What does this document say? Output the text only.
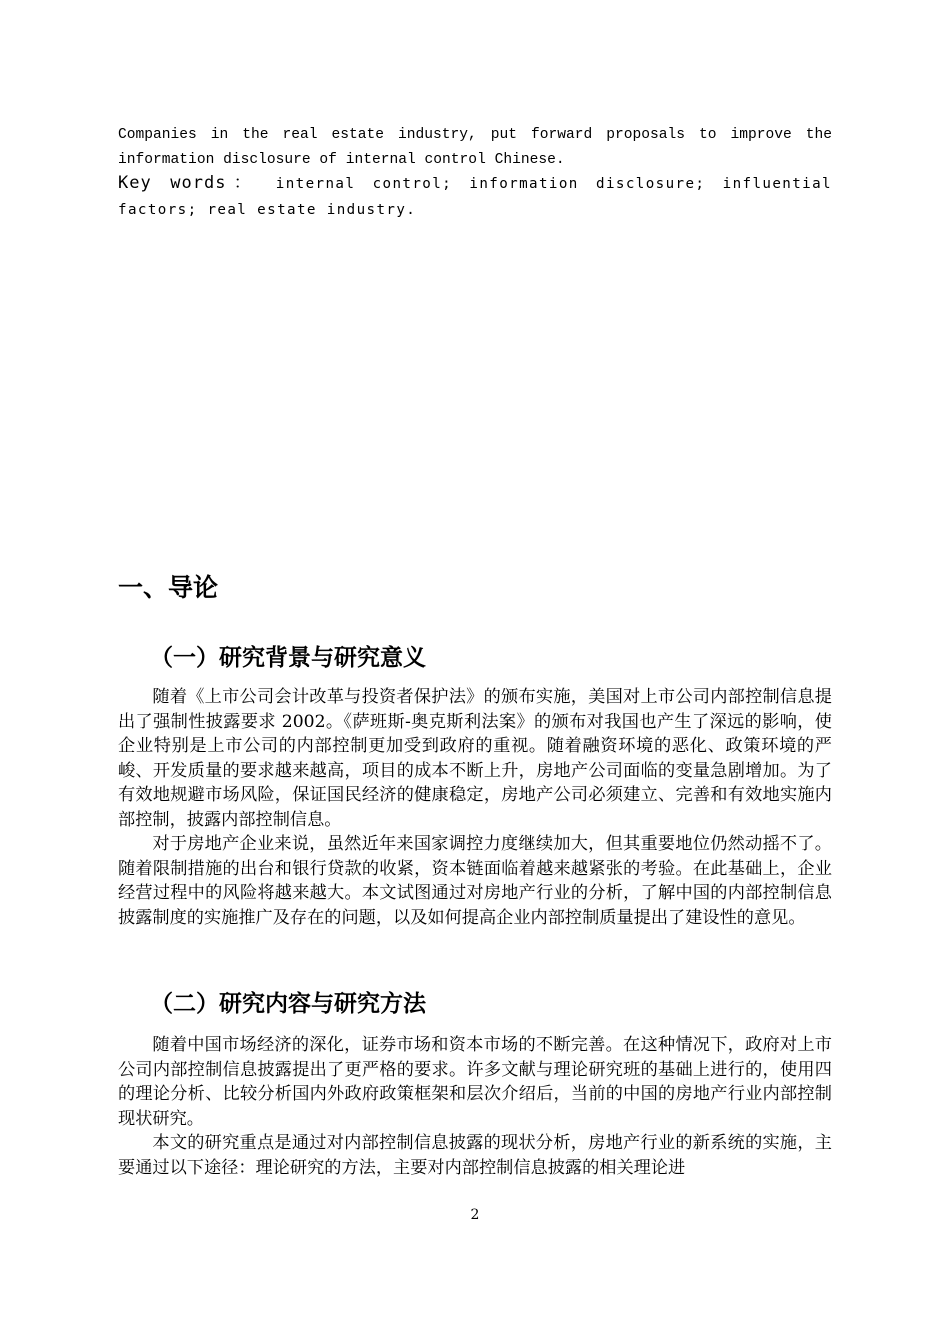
Companies in the real estate industry, put forward proposals to improve the information disclosure of internal control Chinese.
Key words： internal control; information disclosure; influential factors; real estate industry.
一、导论
（一）研究背景与研究意义

随着《上市公司会计改革与投资者保护法》的颁布实施，美国对上市公司内部控制信息提出了强制性披露要求 2002。《萨班斯-奥克斯利法案》的颁布对我国也产生了深远的影响，使企业特别是上市公司的内部控制更加受到政府的重视。随着融资环境的恶化、政策环境的严峻、开发质量的要求越来越高，项目的成本不断上升，房地产公司面临的变量急剧增加。为了有效地规避市场风险，保证国民经济的健康稳定，房地产公司必须建立、完善和有效地实施内部控制，披露内部控制信息。

对于房地产企业来说，虽然近年来国家调控力度继续加大，但其重要地位仍然动摇不了。随着限制措施的出台和银行贷款的收紧，资本链面临着越来越紧张的考验。在此基础上，企业经营过程中的风险将越来越大。本文试图通过对房地产行业的分析，了解中国的内部控制信息披露制度的实施推广及存在的问题，以及如何提高企业内部控制质量提出了建设性的意见。

（二）研究内容与研究方法

随着中国市场经济的深化，证券市场和资本市场的不断完善。在这种情况下，政府对上市公司内部控制信息披露提出了更严格的要求。许多文献与理论研究班的基础上进行的，使用四的理论分析、比较分析国内外政府政策框架和层次介绍后，当前的中国的房地产行业内部控制现状研究。

本文的研究重点是通过对内部控制信息披露的现状分析，房地产行业的新系统的实施，主要通过以下途径：理论研究的方法，主要对内部控制信息披露的相关理论进

2
